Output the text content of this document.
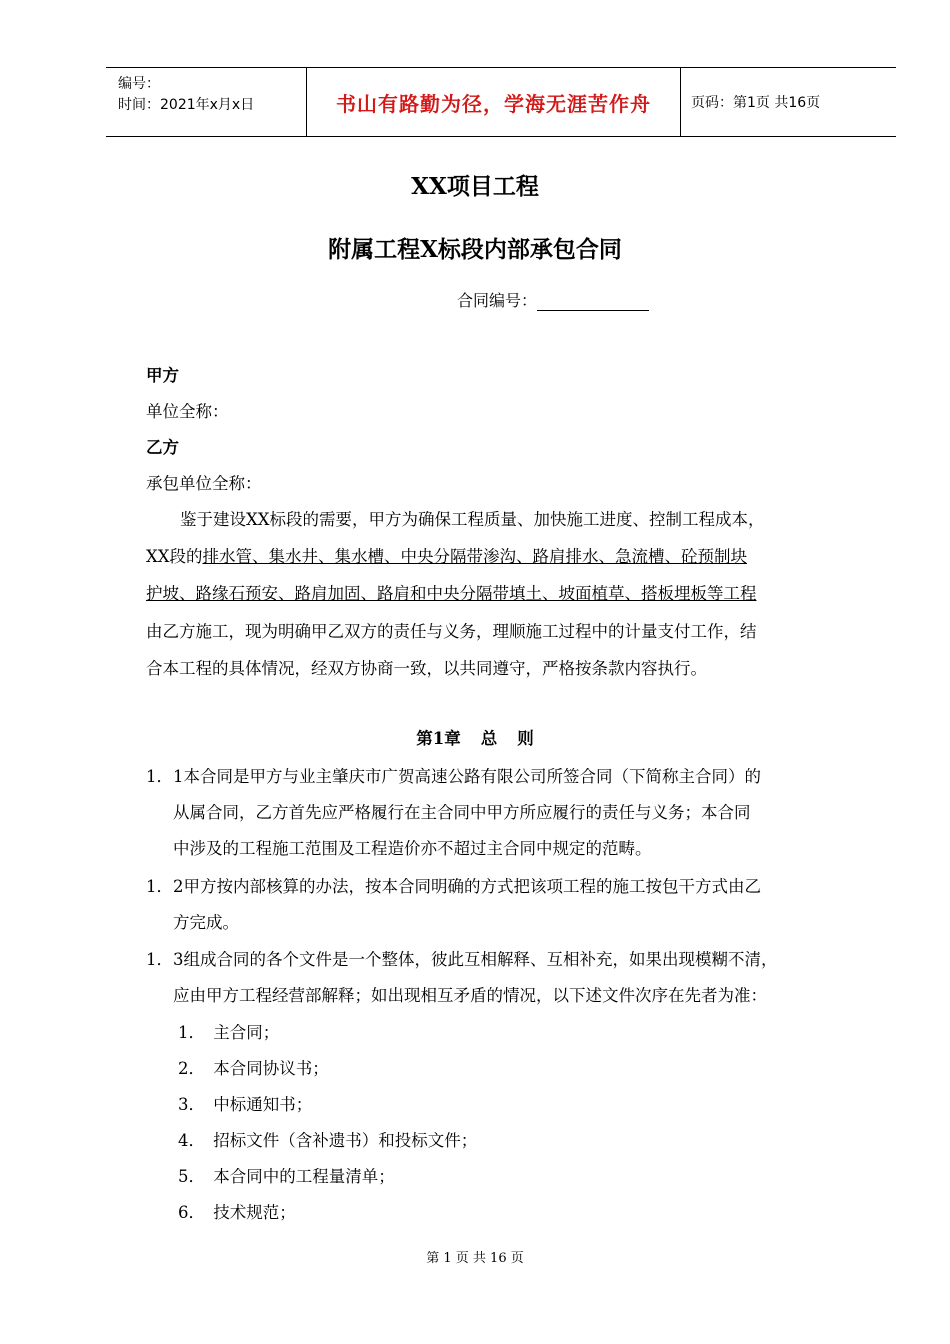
编号：
时间：2021年x月x日	书山有路勤为径，学海无涯苦作舟	页码：第1页 共16页
XX项目工程
附属工程X标段内部承包合同
合同编号：
甲方
单位全称：
乙方
承包单位全称：
鉴于建设XX标段的需要，甲方为确保工程质量、加快施工进度、控制工程成本，
XX段的排水管、集水井、集水槽、中央分隔带渗沟、路肩排水、急流槽、砼预制块
护坡、路缘石预安、路肩加固、路肩和中央分隔带填土、坡面植草、搭板埋板等工程
由乙方施工，现为明确甲乙双方的责任与义务，理顺施工过程中的计量支付工作，结
合本工程的具体情况，经双方协商一致，以共同遵守，严格按条款内容执行。
第1章 总 则
1．1本合同是甲方与业主肇庆市广贺高速公路有限公司所签合同（下简称主合同）的
从属合同，乙方首先应严格履行在主合同中甲方所应履行的责任与义务；本合同
中涉及的工程施工范围及工程造价亦不超过主合同中规定的范畴。
1．2甲方按内部核算的办法，按本合同明确的方式把该项工程的施工按包干方式由乙
方完成。
1．3组成合同的各个文件是一个整体，彼此互相解释、互相补充，如果出现模糊不清，
应由甲方工程经营部解释；如出现相互矛盾的情况，以下述文件次序在先者为准：
1．　主合同；
2．　本合同协议书；
3．　中标通知书；
4．　招标文件（含补遗书）和投标文件；
5．　本合同中的工程量清单；
6．　技术规范；
第 1 页 共 16 页
